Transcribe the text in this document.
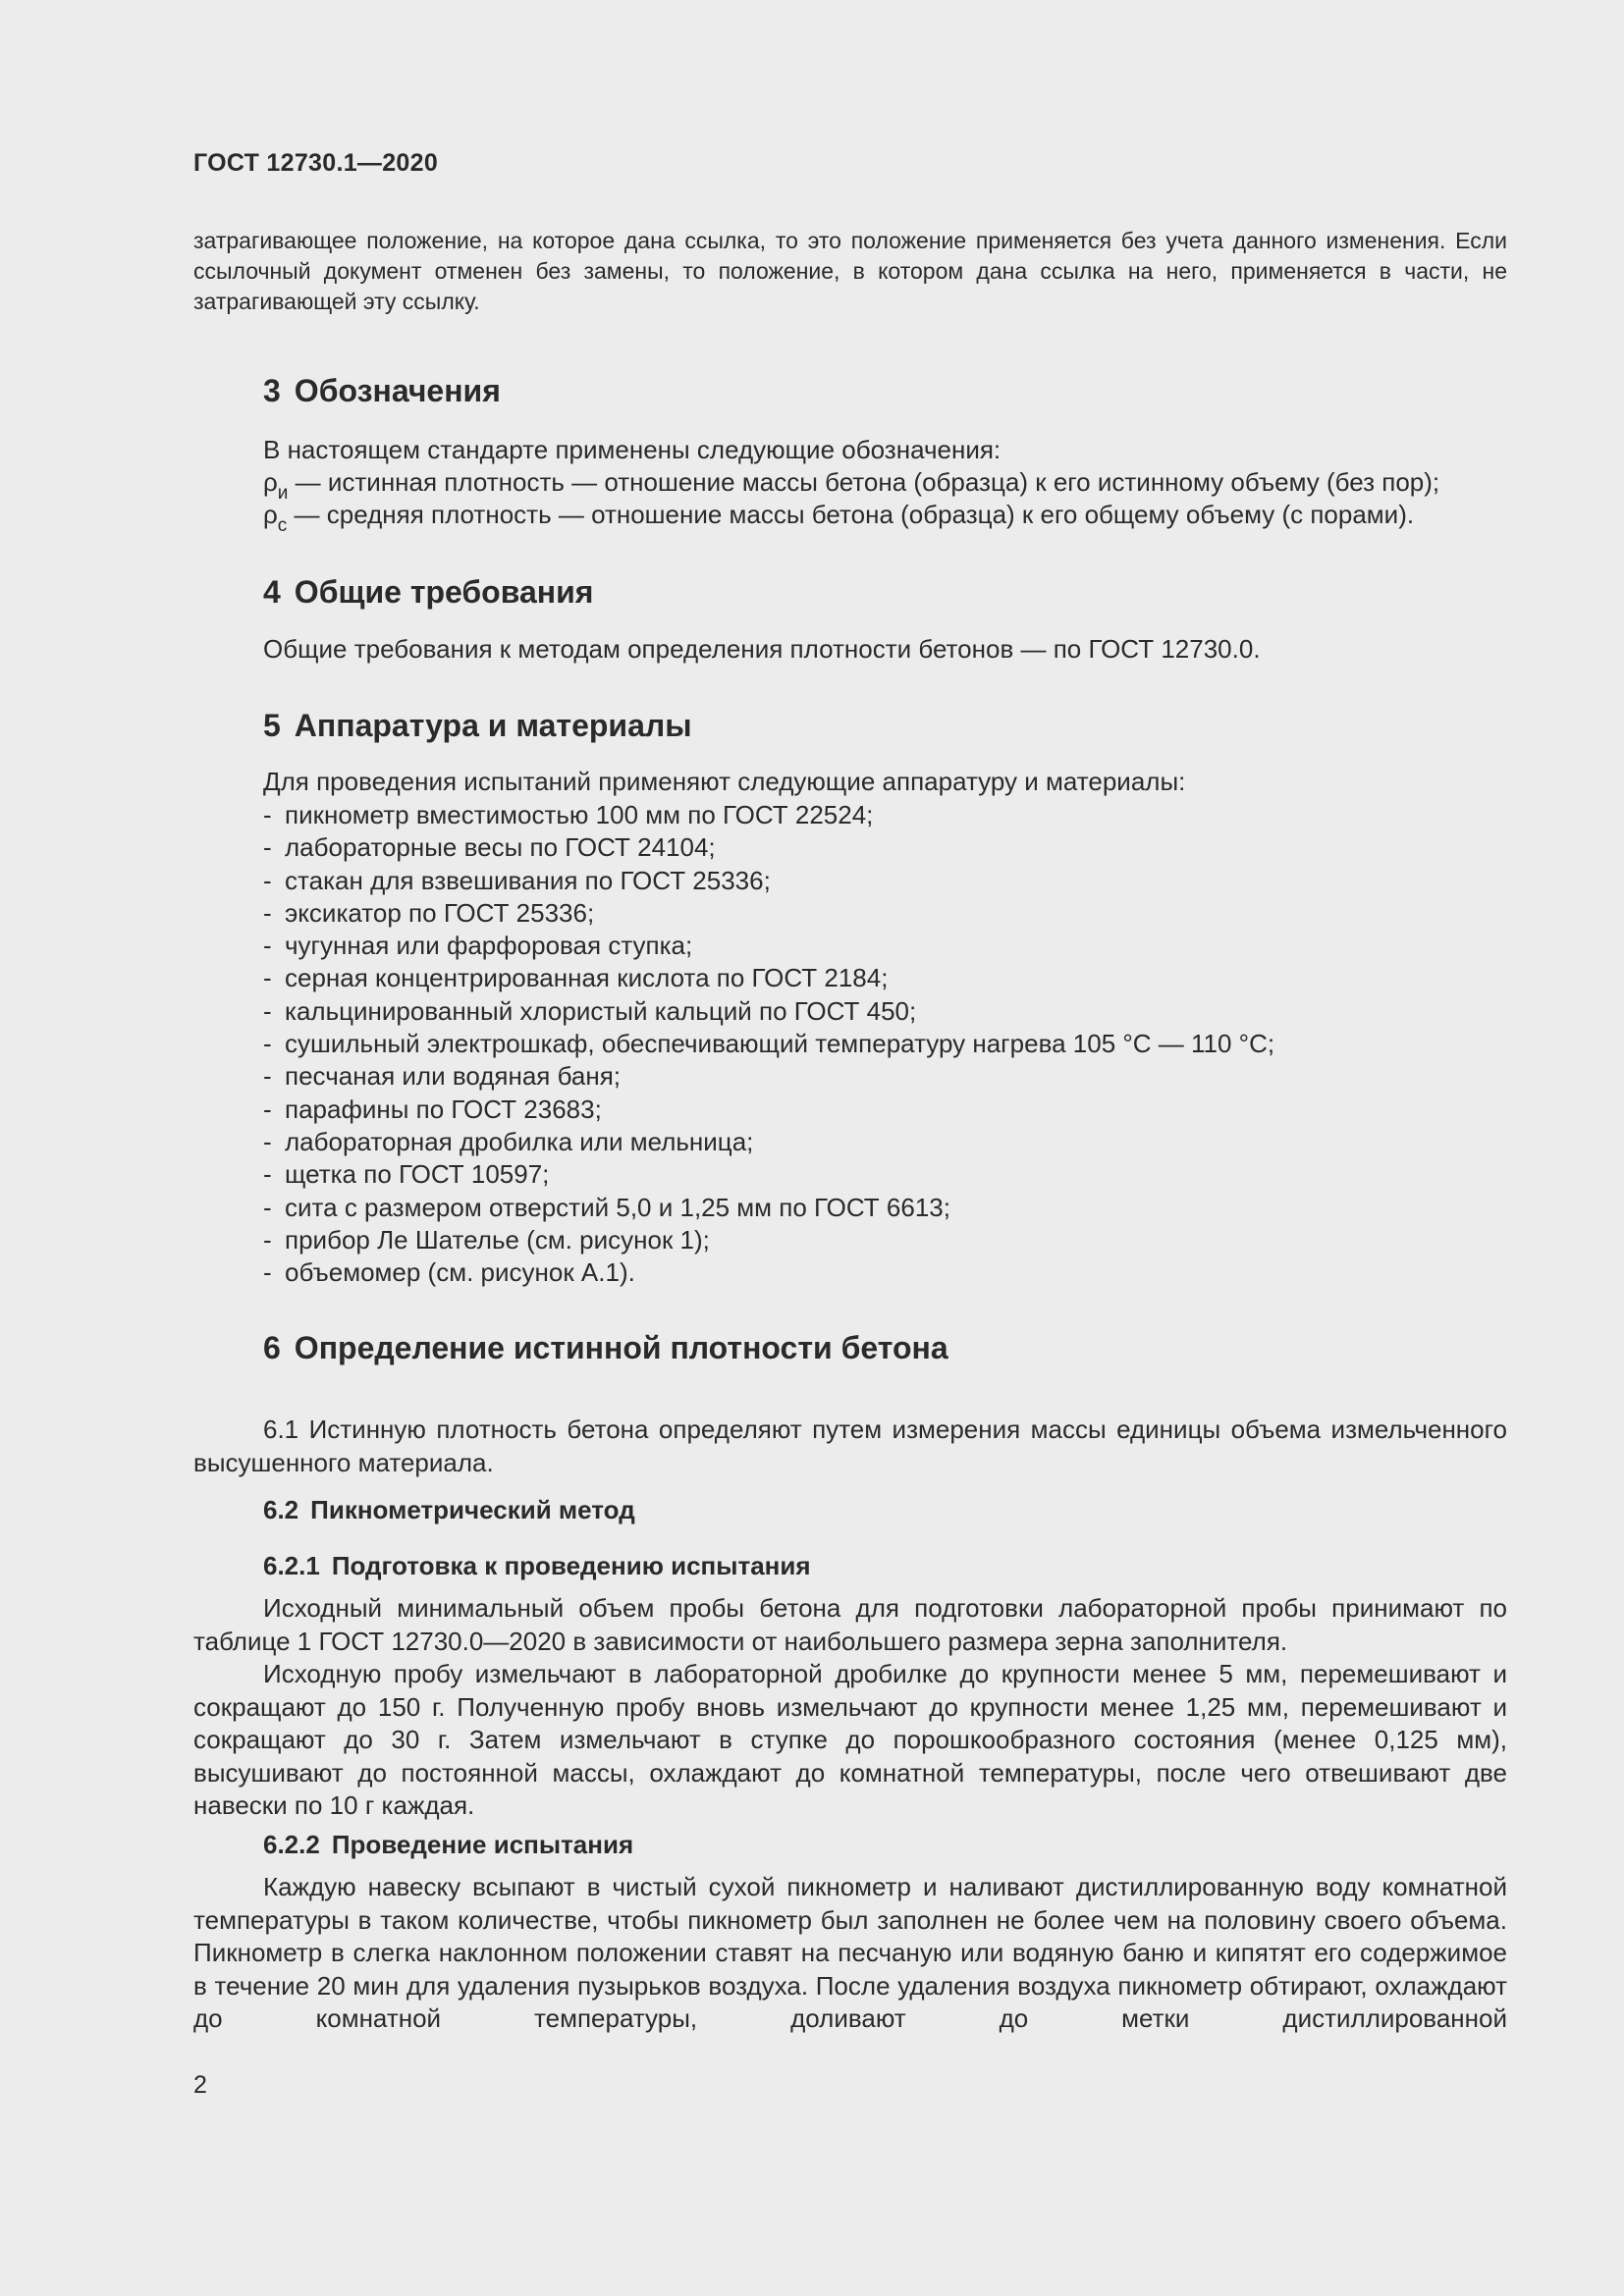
ГОСТ 12730.1—2020
затрагивающее положение, на которое дана ссылка, то это положение применяется без учета данного изменения. Если ссылочный документ отменен без замены, то положение, в котором дана ссылка на него, применяется в части, не затрагивающей эту ссылку.
3 Обозначения
В настоящем стандарте применены следующие обозначения:
$\rho_и$ — истинная плотность — отношение массы бетона (образца) к его истинному объему (без пор);
$\rho_с$ — средняя плотность — отношение массы бетона (образца) к его общему объему (с порами).
4 Общие требования
Общие требования к методам определения плотности бетонов — по ГОСТ 12730.0.
5 Аппаратура и материалы
Для проведения испытаний применяют следующие аппаратуру и материалы:
- пикнометр вместимостью 100 мм по ГОСТ 22524;
- лабораторные весы по ГОСТ 24104;
- стакан для взвешивания по ГОСТ 25336;
- эксикатор по ГОСТ 25336;
- чугунная или фарфоровая ступка;
- серная концентрированная кислота по ГОСТ 2184;
- кальцинированный хлористый кальций по ГОСТ 450;
- сушильный электрошкаф, обеспечивающий температуру нагрева 105 °С — 110 °С;
- песчаная или водяная баня;
- парафины по ГОСТ 23683;
- лабораторная дробилка или мельница;
- щетка по ГОСТ 10597;
- сита с размером отверстий 5,0 и 1,25 мм по ГОСТ 6613;
- прибор Ле Шателье (см. рисунок 1);
- объемомер (см. рисунок А.1).
6 Определение истинной плотности бетона

6.1 Истинную плотность бетона определяют путем измерения массы единицы объема измельченного высушенного материала.

6.2 Пикнометрический метод
6.2.1 Подготовка к проведению испытания

Исходный минимальный объем пробы бетона для подготовки лабораторной пробы принимают по таблице 1 ГОСТ 12730.0—2020 в зависимости от наибольшего размера зерна заполнителя.

Исходную пробу измельчают в лабораторной дробилке до крупности менее 5 мм, перемешивают и сокращают до 150 г. Полученную пробу вновь измельчают до крупности менее 1,25 мм, перемешивают и сокращают до 30 г. Затем измельчают в ступке до порошкообразного состояния (менее 0,125 мм), высушивают до постоянной массы, охлаждают до комнатной температуры, после чего отвешивают две навески по 10 г каждая.

6.2.2 Проведение испытания

Каждую навеску всыпают в чистый сухой пикнометр и наливают дистиллированную воду комнатной температуры в таком количестве, чтобы пикнометр был заполнен не более чем на половину своего объема. Пикнометр в слегка наклонном положении ставят на песчаную или водяную баню и кипятят его содержимое в течение 20 мин для удаления пузырьков воздуха. После удаления воздуха пикнометр обтирают, охлаждают до комнатной температуры, доливают до метки дистиллированной

2
